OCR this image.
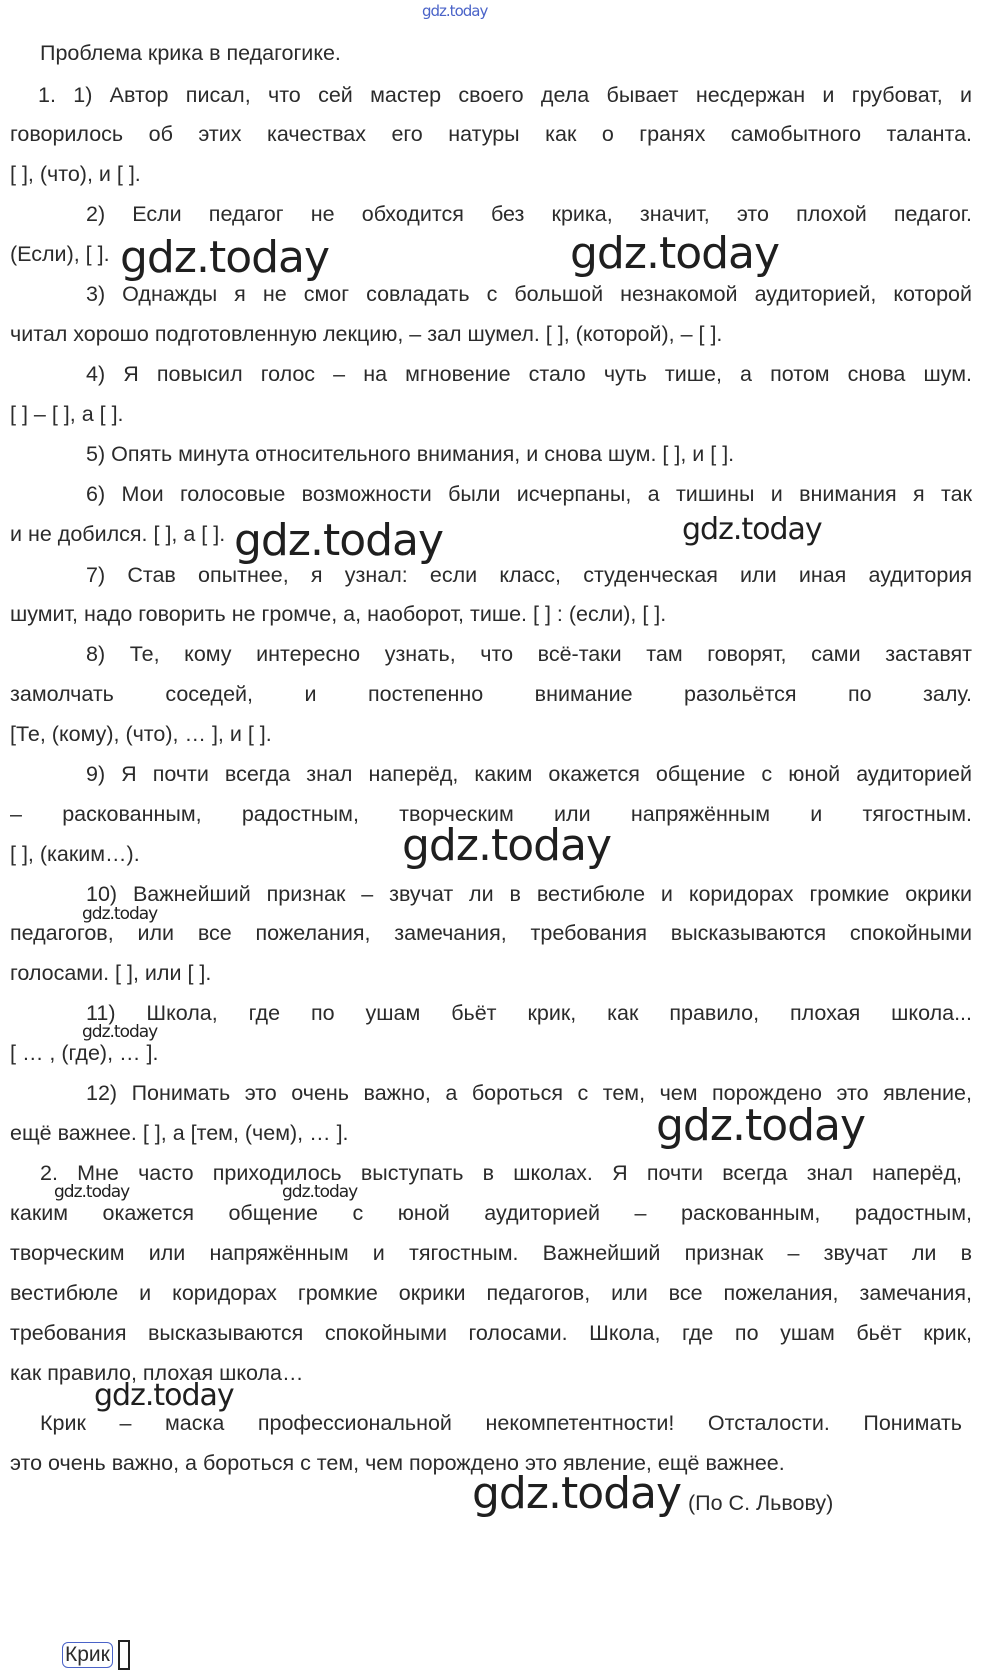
gdz.today
Проблема крика в педагогике.
1. 1) Автор писал, что сей мастер своего дела бывает несдержан и грубоват, и
говорилось об этих качествах его натуры как о гранях самобытного таланта.
[ ], (что), и [ ].
2) Если педагог не обходится без крика, значит, это плохой педагог.
(Если), [ ]. gdz.today	gdz.today
3) Однажды я не смог совладать с большой незнакомой аудиторией, которой
читал хорошо подготовленную лекцию, – зал шумел. [ ], (которой), – [ ].
4) Я повысил голос – на мгновение стало чуть тише, а потом снова шум.
[ ] – [ ], а [ ].
5) Опять минута относительного внимания, и снова шум. [ ], и [ ].
6) Мои голосовые возможности были исчерпаны, а тишины и внимания я так
и не добился. [ ], а [ ]. gdz.today	gdz.today
7) Став опытнее, я узнал: если класс, студенческая или иная аудитория
шумит, надо говорить не громче, а, наоборот, тише. [ ] : (если), [ ].
8) Те, кому интересно узнать, что всё-таки там говорят, сами заставят
замолчать соседей, и постепенно внимание разольётся по залу.
[Те, (кому), (что), … ], и [ ].
9) Я почти всегда знал наперёд, каким окажется общение с юной аудиторией
– раскованным, радостным, творческим или напряжённым и тягостным.
[ ], (каким…).	gdz.today
10) Важнейший признак – звучат ли в вестибюле и коридорах громкие окрики
gdz.today
педагогов, или все пожелания, замечания, требования высказываются спокойными
голосами. [ ], или [ ].
11) Школа, где по ушам бьёт крик, как правило, плохая школа...
gdz.today
[ … , (где), … ].
12) Понимать это очень важно, а бороться с тем, чем порождено это явление,
ещё важнее. [ ], а [тем, (чем), … ].	gdz.today
2. Мне часто приходилось выступать в школах. Я почти всегда знал наперёд,
gdz.today	gdz.today
каким окажется общение с юной аудиторией – раскованным, радостным,
творческим или напряжённым и тягостным. Важнейший признак – звучат ли в
вестибюле и коридорах громкие окрики педагогов, или все пожелания, замечания,
требования высказываются спокойными голосами. Школа, где по ушам бьёт крик,
как правило, плохая школа…
gdz.today
Крик – маска профессиональной некомпетентности! Отсталости. Понимать
это очень важно, а бороться с тем, чем порождено это явление, ещё важнее.
gdz.today (По С. Львову)
Крик
